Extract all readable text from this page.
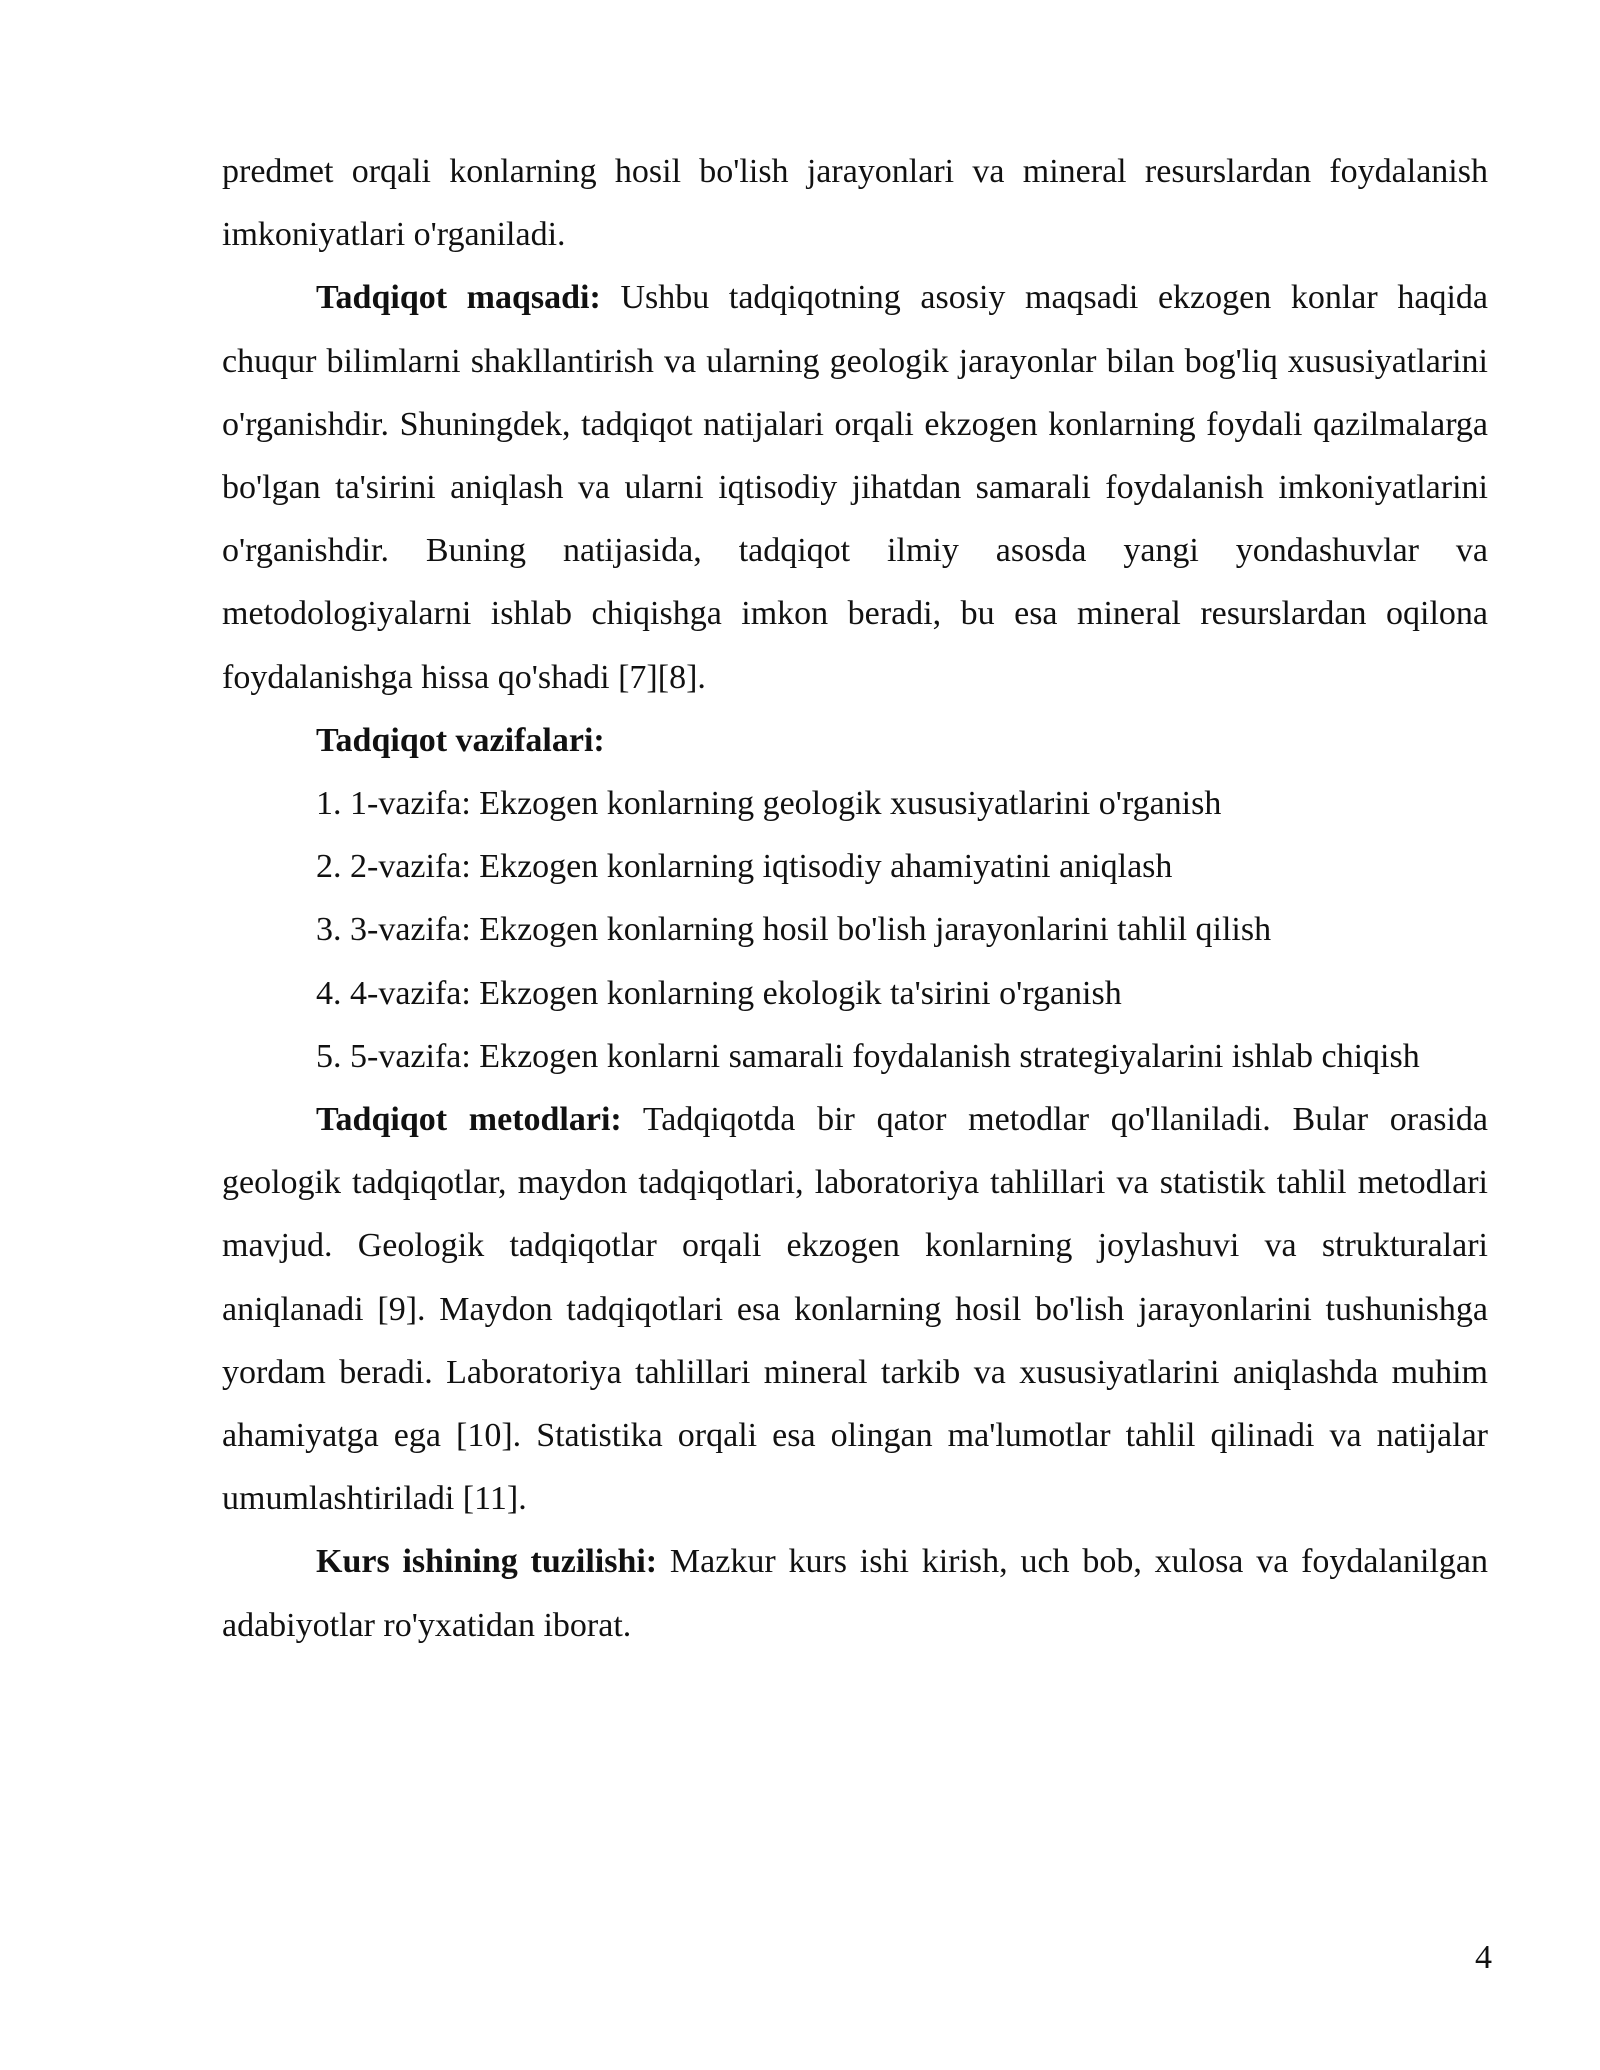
predmet orqali konlarning hosil bo'lish jarayonlari va mineral resurslardan foydalanish imkoniyatlari o'rganiladi.

Tadqiqot maqsadi: Ushbu tadqiqotning asosiy maqsadi ekzogen konlar haqida chuqur bilimlarni shakllantirish va ularning geologik jarayonlar bilan bog'liq xususiyatlarini o'rganishdir. Shuningdek, tadqiqot natijalari orqali ekzogen konlarning foydali qazilmalarga bo'lgan ta'sirini aniqlash va ularni iqtisodiy jihatdan samarali foydalanish imkoniyatlarini o'rganishdir. Buning natijasida, tadqiqot ilmiy asosda yangi yondashuvlar va metodologiyalarni ishlab chiqishga imkon beradi, bu esa mineral resurslardan oqilona foydalanishga hissa qo'shadi [7][8].

Tadqiqot vazifalari:

1. 1-vazifa: Ekzogen konlarning geologik xususiyatlarini o'rganish

2. 2-vazifa: Ekzogen konlarning iqtisodiy ahamiyatini aniqlash

3. 3-vazifa: Ekzogen konlarning hosil bo'lish jarayonlarini tahlil qilish

4. 4-vazifa: Ekzogen konlarning ekologik ta'sirini o'rganish

5. 5-vazifa: Ekzogen konlarni samarali foydalanish strategiyalarini ishlab chiqish

Tadqiqot metodlari: Tadqiqotda bir qator metodlar qo'llaniladi. Bular orasida geologik tadqiqotlar, maydon tadqiqotlari, laboratoriya tahlillari va statistik tahlil metodlari mavjud. Geologik tadqiqotlar orqali ekzogen konlarning joylashuvi va strukturalari aniqlanadi [9]. Maydon tadqiqotlari esa konlarning hosil bo'lish jarayonlarini tushunishga yordam beradi. Laboratoriya tahlillari mineral tarkib va xususiyatlarini aniqlashda muhim ahamiyatga ega [10]. Statistika orqali esa olingan ma'lumotlar tahlil qilinadi va natijalar umumlashtiriladi [11].

Kurs ishining tuzilishi: Mazkur kurs ishi kirish, uch bob, xulosa va foydalanilgan adabiyotlar ro'yxatidan iborat.

4
